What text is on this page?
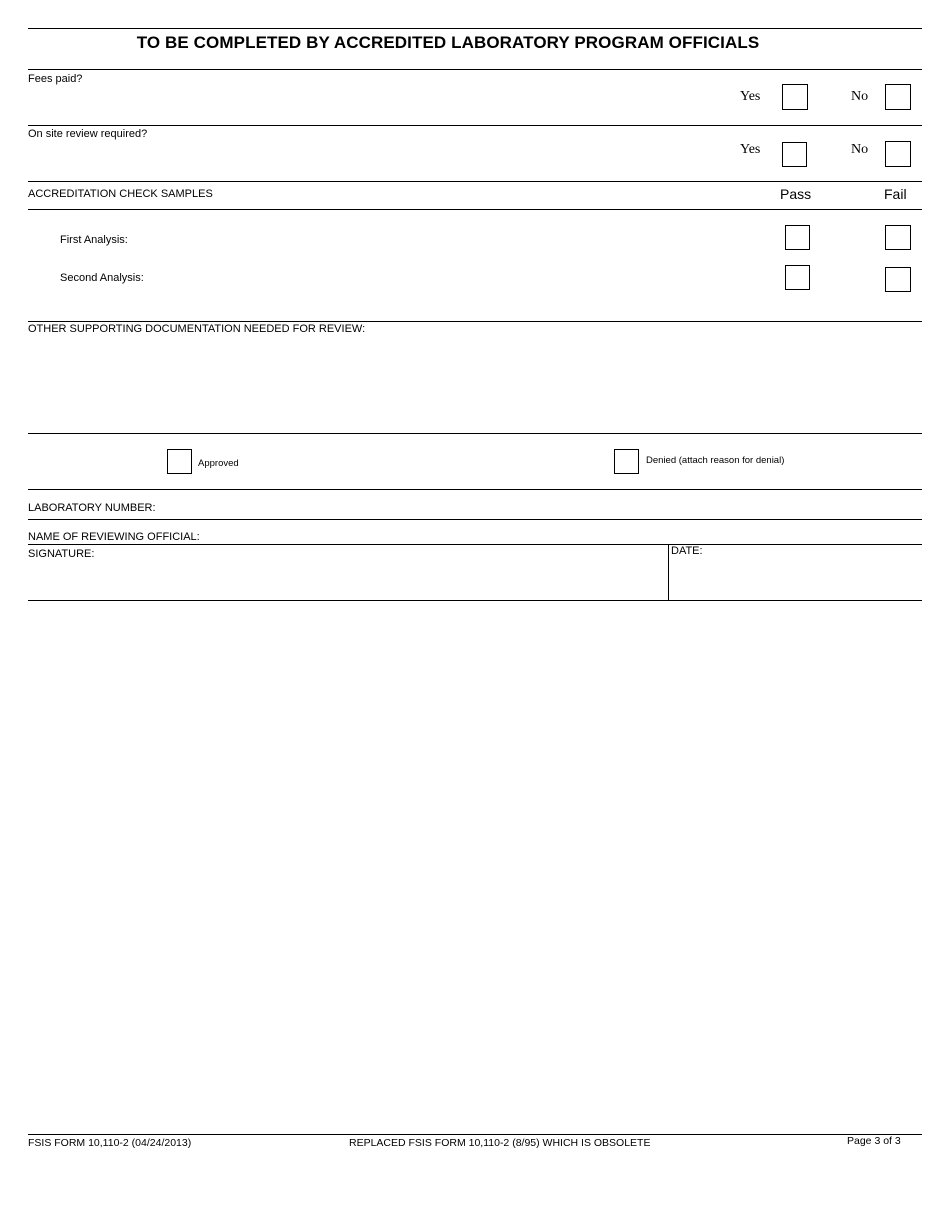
TO BE COMPLETED BY ACCREDITED LABORATORY PROGRAM OFFICIALS
Fees paid?
Yes	No
On site review required?
Yes	No
ACCREDITATION CHECK SAMPLES	Pass	Fail
First Analysis:
Second Analysis:
OTHER SUPPORTING DOCUMENTATION NEEDED FOR REVIEW:
Approved	Denied (attach reason for denial)
LABORATORY NUMBER:
NAME OF REVIEWING OFFICIAL:
SIGNATURE:	DATE:
FSIS FORM 10,110-2 (04/24/2013)	REPLACED FSIS FORM 10,110-2 (8/95) WHICH IS OBSOLETE	Page 3 of 3
